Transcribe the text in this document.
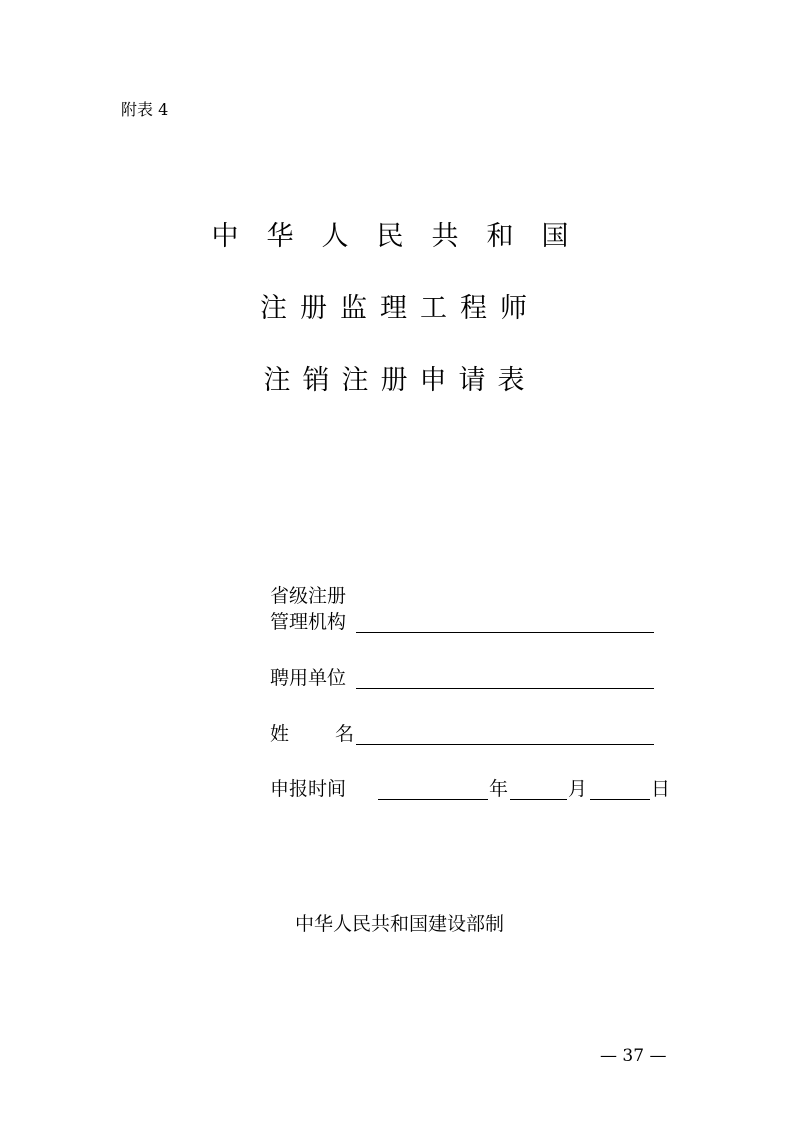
附表 4
中华人民共和国
注册监理工程师
注销注册申请表
省级注册
管理机构
聘用单位
姓名
申报时间	年	月	日
中华人民共和国建设部制
— 37 —
